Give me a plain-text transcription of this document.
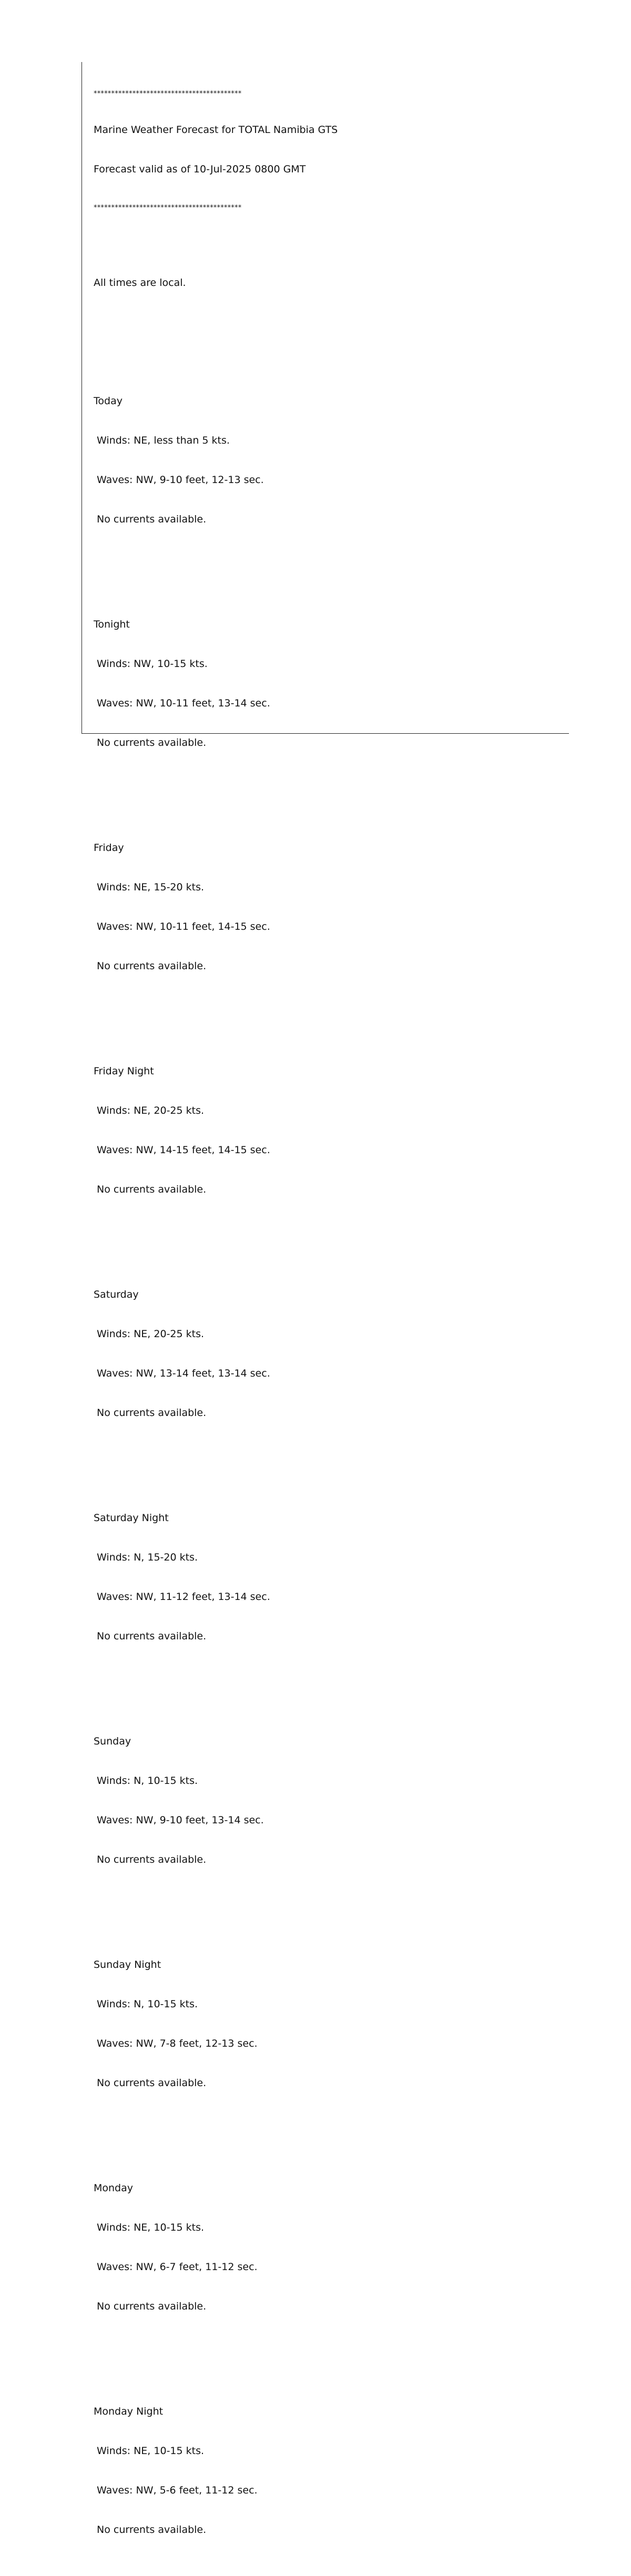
******************************************

Marine Weather Forecast for TOTAL Namibia GTS

Forecast valid as of 10-Jul-2025 0800 GMT

******************************************

All times are local.

Today

Winds: NE, less than 5 kts.

Waves: NW, 9-10 feet, 12-13 sec.

No currents available.

Tonight

Winds: NW, 10-15 kts.

Waves: NW, 10-11 feet, 13-14 sec.

No currents available.

Friday

Winds: NE, 15-20 kts.

Waves: NW, 10-11 feet, 14-15 sec.

No currents available.

Friday Night

Winds: NE, 20-25 kts.

Waves: NW, 14-15 feet, 14-15 sec.

No currents available.

Saturday

Winds: NE, 20-25 kts.

Waves: NW, 13-14 feet, 13-14 sec.

No currents available.

Saturday Night

Winds: N, 15-20 kts.

Waves: NW, 11-12 feet, 13-14 sec.

No currents available.

Sunday

Winds: N, 10-15 kts.

Waves: NW, 9-10 feet, 13-14 sec.

No currents available.

Sunday Night

Winds: N, 10-15 kts.

Waves: NW, 7-8 feet, 12-13 sec.

No currents available.

Monday

Winds: NE, 10-15 kts.

Waves: NW, 6-7 feet, 11-12 sec.

No currents available.

Monday Night

Winds: NE, 10-15 kts.

Waves: NW, 5-6 feet, 11-12 sec.

No currents available.
